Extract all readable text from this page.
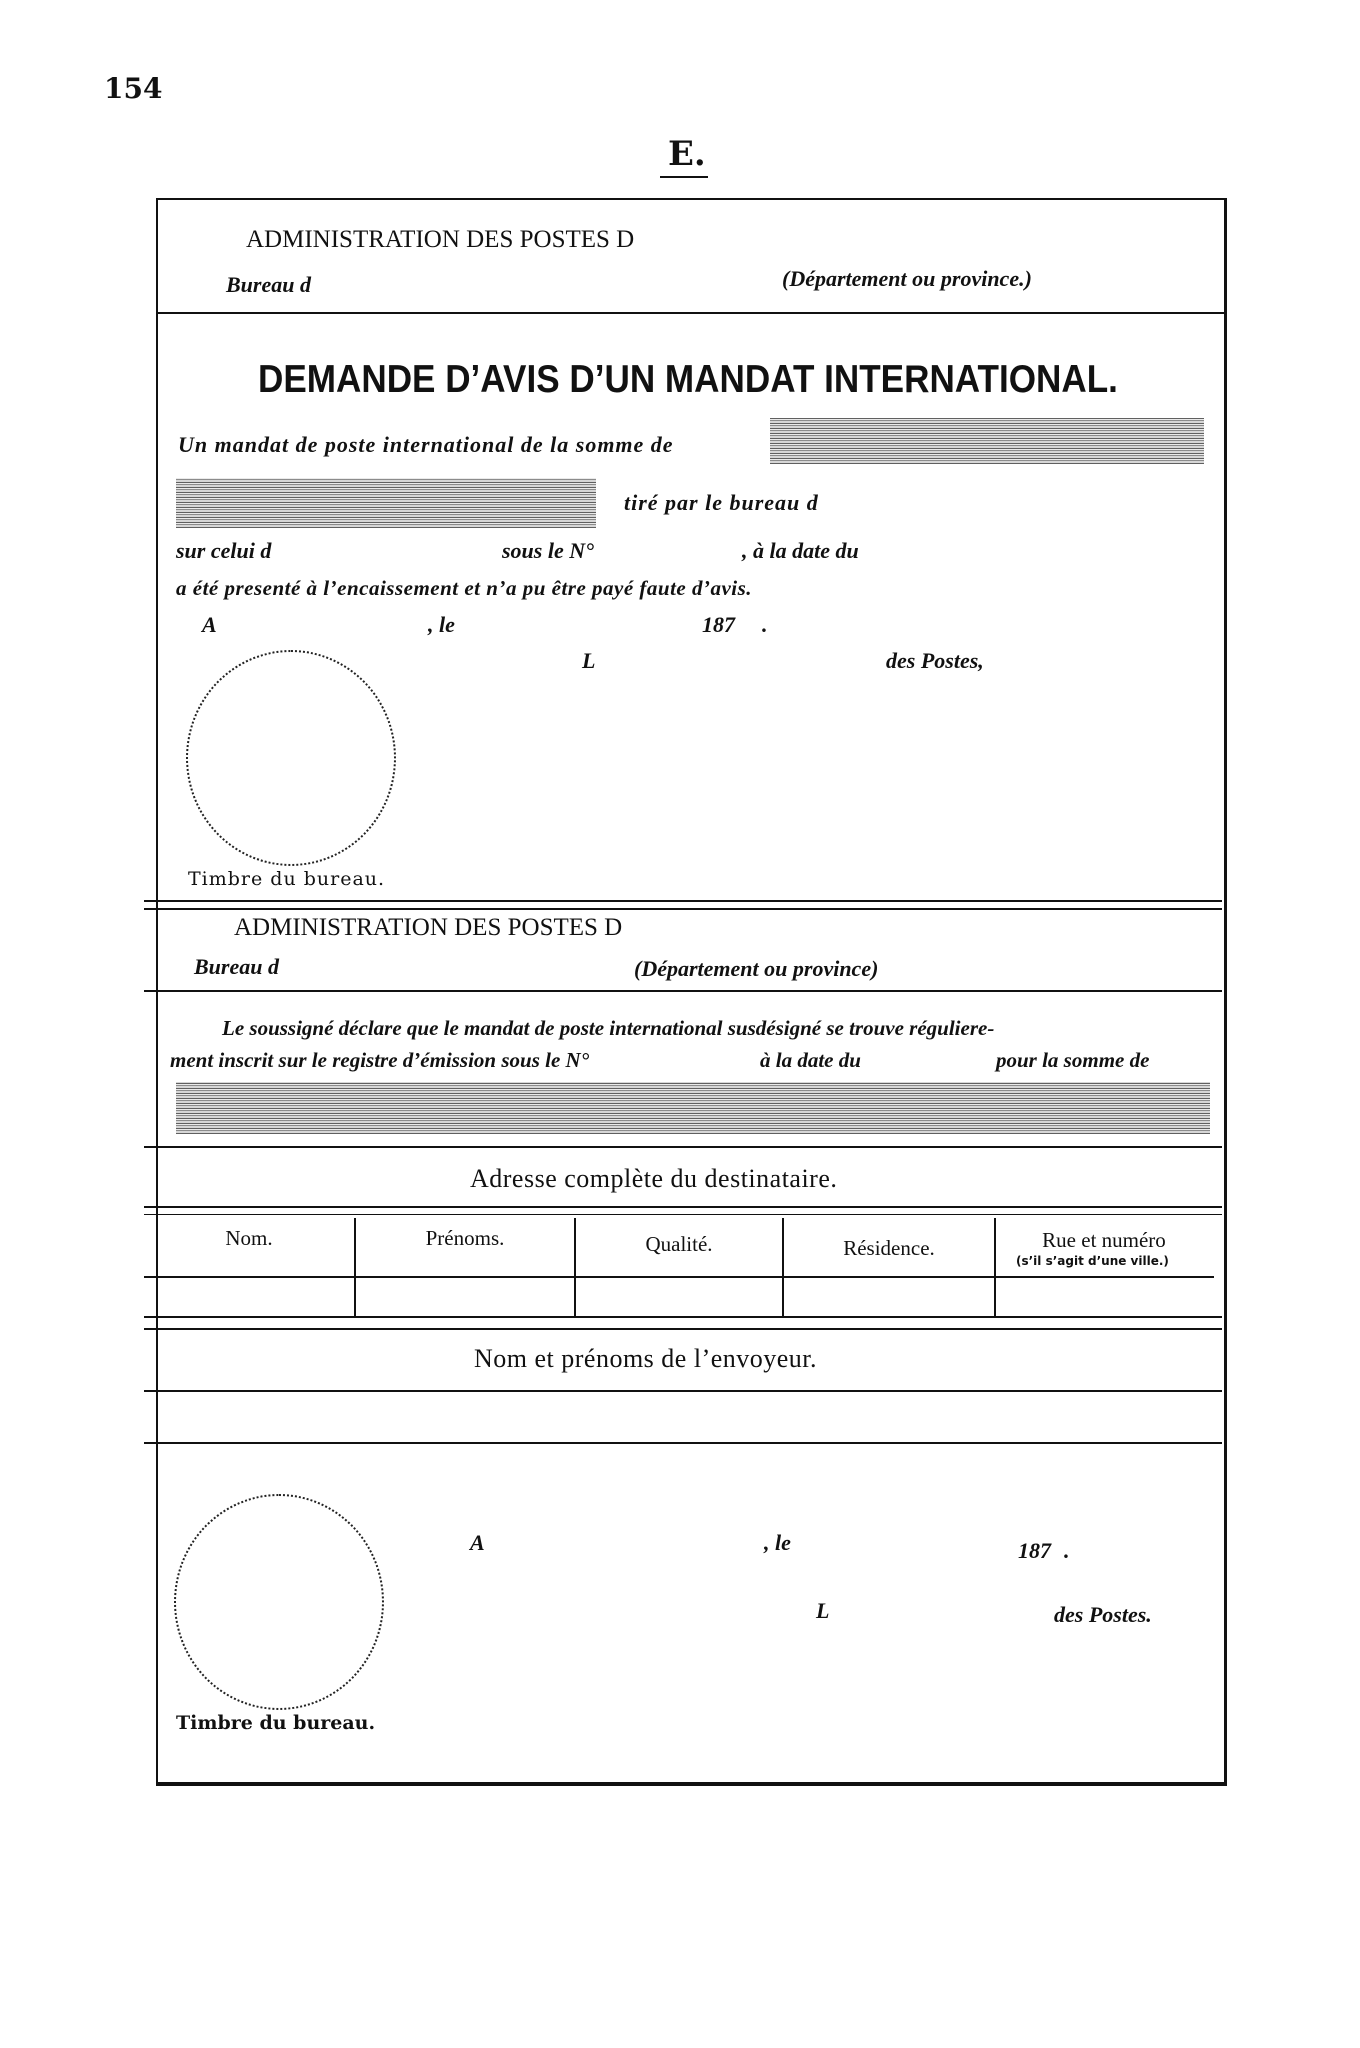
154
E.
ADMINISTRATION DES POSTES D
Bureau d	(Département ou province.)
DEMANDE D’AVIS D’UN MANDAT INTERNATIONAL.
Un mandat de poste international de la somme de
tiré par le bureau d
sur celui d	sous le N°	, à la date du
a été presenté à l’encaissement et n’a pu être payé faute d’avis.
A	, le	187 .
L	des Postes,
Timbre du bureau.
ADMINISTRATION DES POSTES D
Bureau d	(Département ou province)
Le soussigné déclare que le mandat de poste international susdésigné se trouve réguliere-
ment inscrit sur le registre d’émission sous le N°	à la date du	pour la somme de
Adresse complète du destinataire.
Nom.	Prénoms.	Qualité.	Résidence.	Rue et numéro
(s’il s’agit d’une ville.)
Nom et prénoms de l’envoyeur.
Timbre du bureau.
A	, le	187 .
L	des Postes.
